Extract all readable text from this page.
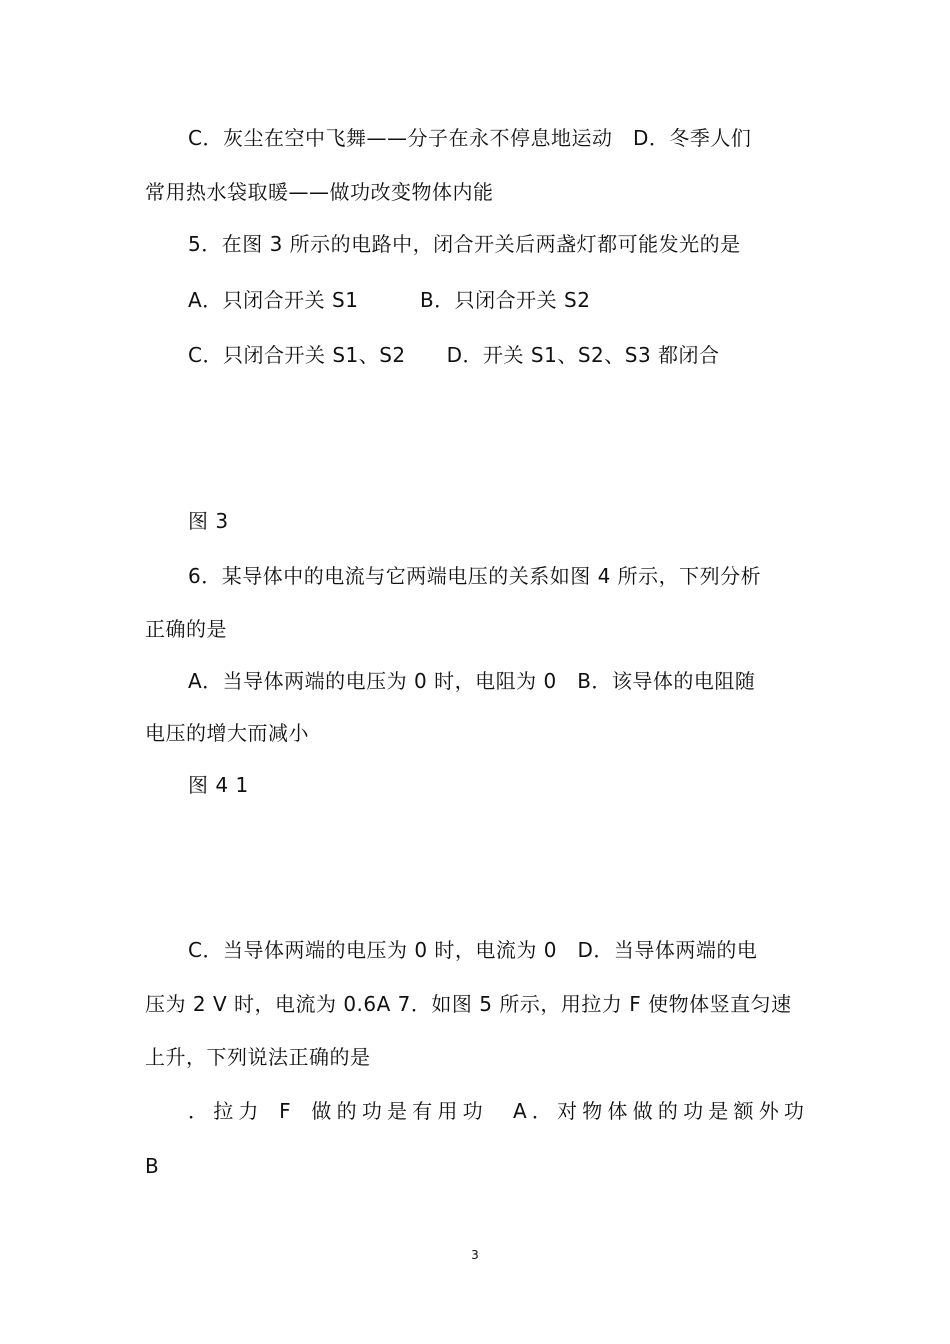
C．灰尘在空中飞舞——分子在永不停息地运动　D．冬季人们
常用热水袋取暖——做功改变物体内能
5．在图 3 所示的电路中，闭合开关后两盏灯都可能发光的是
A．只闭合开关 S1　　　B．只闭合开关 S2
C．只闭合开关 S1、S2　　D．开关 S1、S2、S3 都闭合
图 3
6．某导体中的电流与它两端电压的关系如图 4 所示，下列分析
正确的是
A．当导体两端的电压为 0 时，电阻为 0　B．该导体的电阻随
电压的增大而减小
图 4 1
C．当导体两端的电压为 0 时，电流为 0　D．当导体两端的电
压为 2 V 时，电流为 0.6A 7．如图 5 所示，用拉力 F 使物体竖直匀速
上升，下列说法正确的是
．拉力 F 做的功是有用功　A．对物体做的功是额外功
B
3
